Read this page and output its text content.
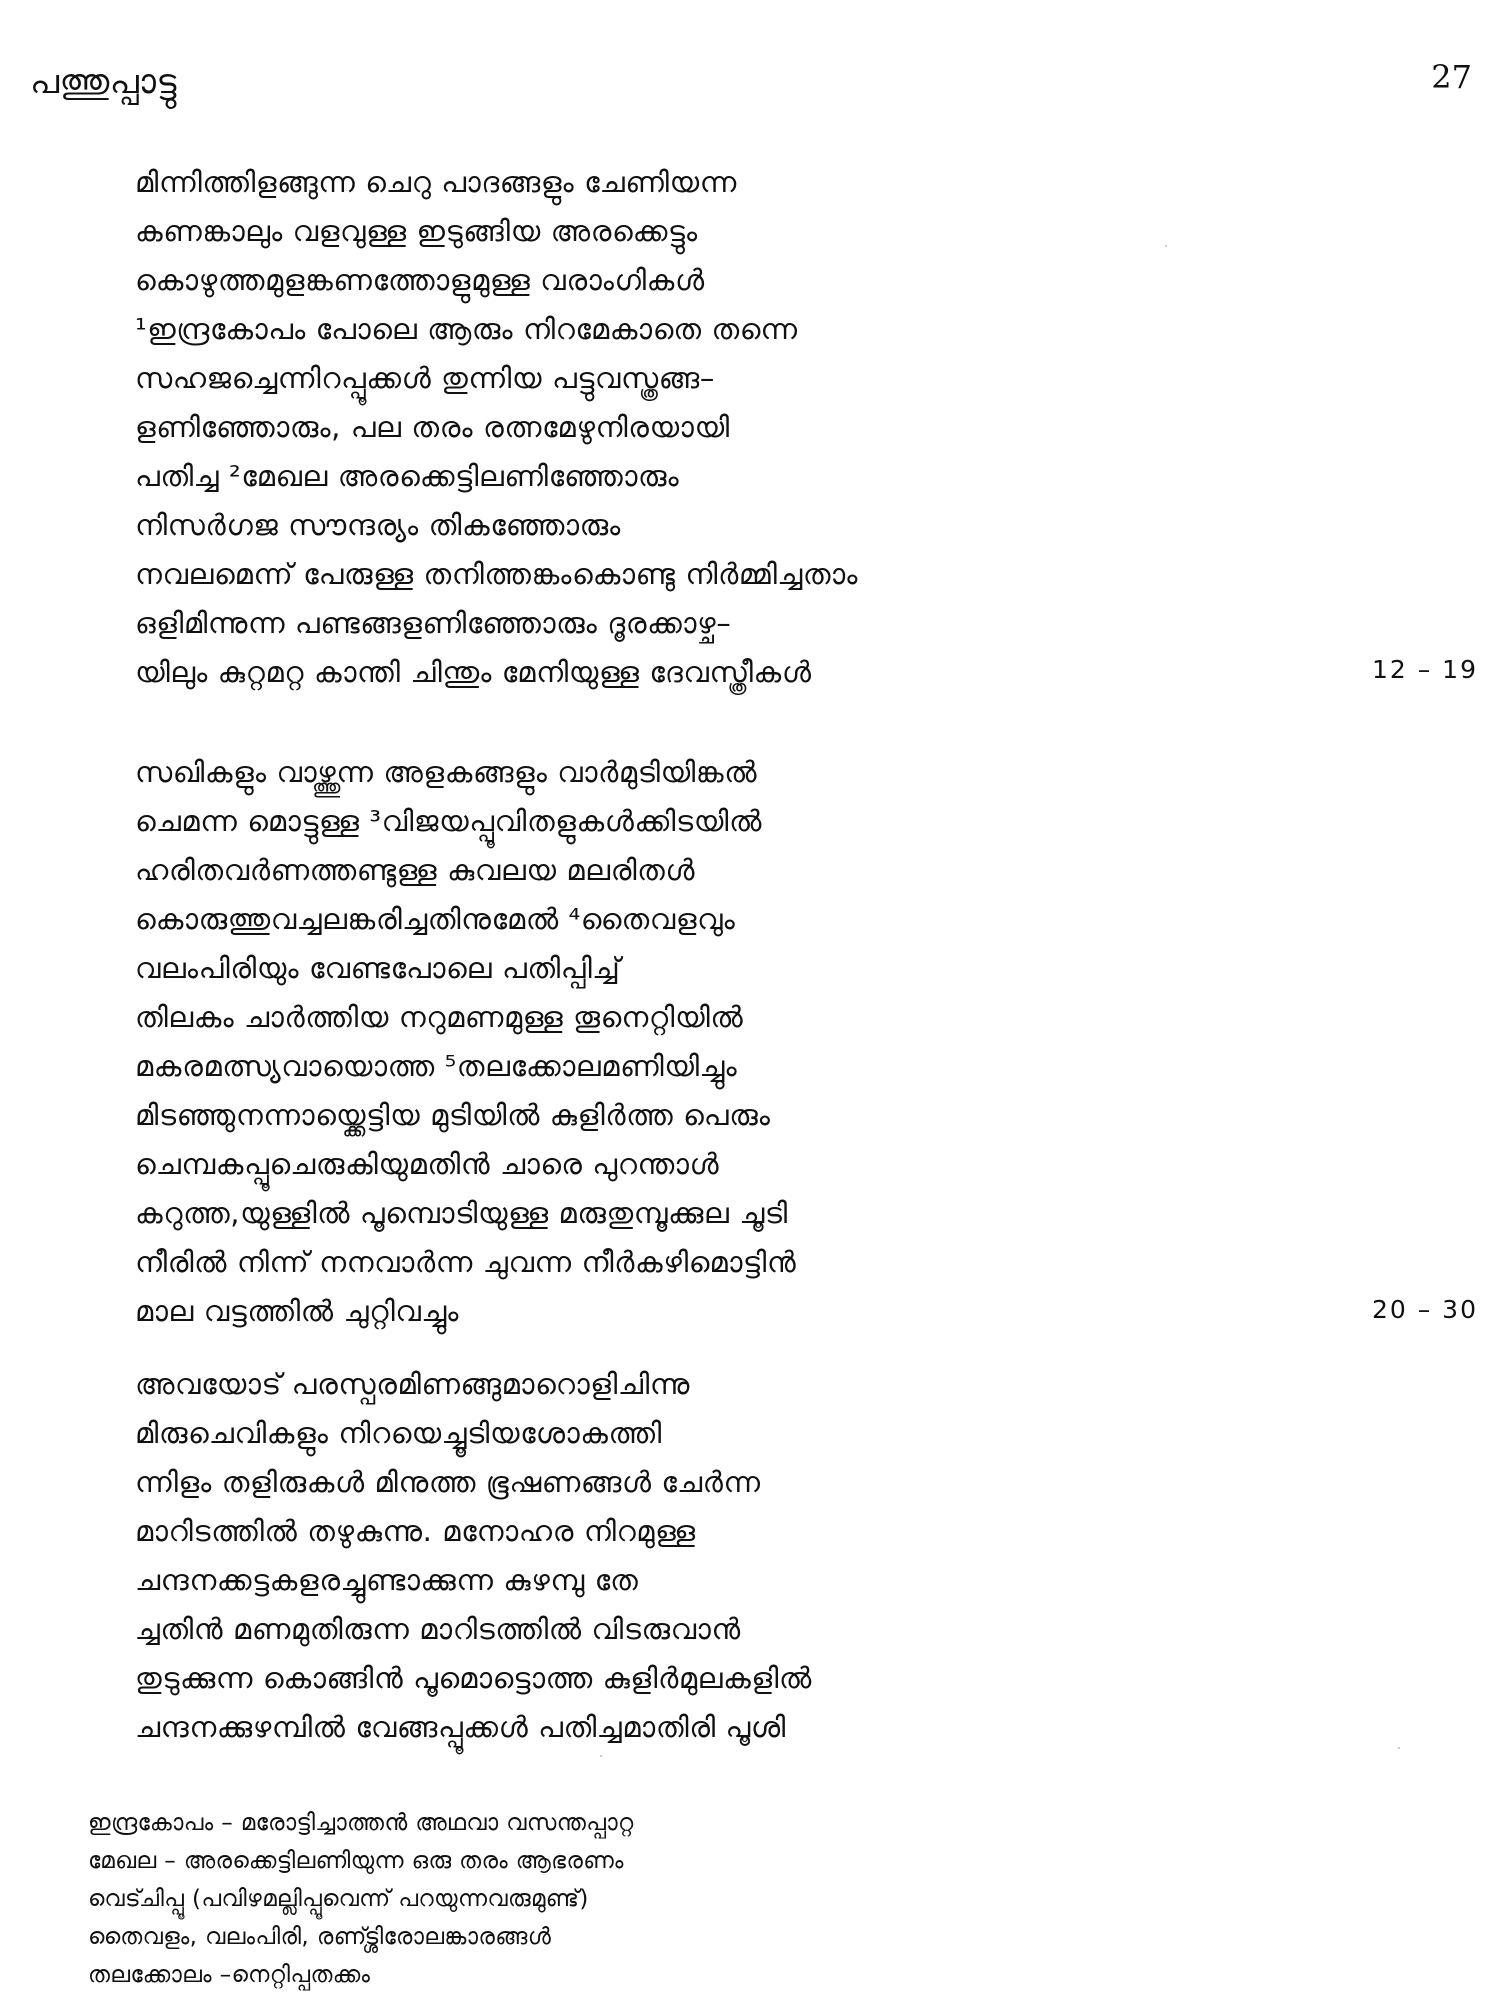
പത്തുപ്പാട്ടു	27
മിന്നിത്തിളങ്ങുന്ന ചെറു പാദങ്ങളും ചേണിയന്ന
കണങ്കാലും വളവുള്ള ഇടുങ്ങിയ അരക്കെട്ടും
കൊഴുത്തമുളങ്കണത്തോളുമുള്ള വരാംഗികൾ
¹ഇന്ദ്രകോപം പോലെ ആരും നിറമേകാതെ തന്നെ
സഹജച്ചെന്നിറപ്പൂക്കൾ തുന്നിയ പട്ടുവസ്ത്രങ്ങ–
ളണിഞ്ഞോരും, പല തരം രത്നമേഴുനിരയായി
പതിച്ച ²മേഖല അരക്കെട്ടിലണിഞ്ഞോരും
നിസർഗജ സൗന്ദര്യം തികഞ്ഞോരും
നവലമെന്ന് പേരുള്ള തനിത്തങ്കംകൊണ്ടു നിർമ്മിച്ചതാം
ഒളിമിന്നുന്ന പണ്ടങ്ങളണിഞ്ഞോരും ദൂരക്കാഴ്ച–
യിലും കുറ്റമറ്റ കാന്തി ചിന്തും മേനിയുള്ള ദേവസ്ത്രീകൾ	12 – 19
സഖികളും വാഴ്ത്തുന്ന അളകങ്ങളും വാർമുടിയിങ്കൽ
ചെമന്ന മൊട്ടുള്ള ³വിജയപ്പൂവിതളുകൾക്കിടയിൽ
ഹരിതവർണത്തണ്ടുള്ള കുവലയ മലരിതൾ
കൊരുത്തുവച്ചലങ്കരിച്ചതിനുമേൽ ⁴തൈവളവും
വലംപിരിയും വേണ്ടപോലെ പതിപ്പിച്ച്
തിലകം ചാർത്തിയ നറുമണമുള്ള തൂനെറ്റിയിൽ
മകരമത്സ്യവായൊത്ത ⁵തലക്കോലമണിയിച്ചും
മിടഞ്ഞുനന്നായ്ക്കെട്ടിയ മുടിയിൽ കുളിർത്ത പെരും
ചെമ്പകപ്പൂചെരുകിയുമതിൻ ചാരെ പുറന്താൾ
കറുത്ത,യുള്ളിൽ പൂമ്പൊടിയുള്ള മരുതുമ്പൂക്കുല ചൂടി
നീരിൽ നിന്ന് നനവാർന്ന ചുവന്ന നീർകഴിമൊട്ടിൻ
മാല വട്ടത്തിൽ ചുറ്റിവച്ചും	20 – 30
അവയോട് പരസ്പരമിണങ്ങുമാറൊളിചിന്നു
മിരുചെവികളും നിറയെച്ചൂടിയശോകത്തി
ന്നിളം തളിരുകൾ മിനുത്ത ഭൂഷണങ്ങൾ ചേർന്ന
മാറിടത്തിൽ തഴുകുന്നു. മനോഹര നിറമുള്ള
ചന്ദനക്കട്ടകളരച്ചുണ്ടാക്കുന്ന കുഴമ്പു തേ
ച്ചതിൻ മണമുതിരുന്ന മാറിടത്തിൽ വിടരുവാൻ
തുടുക്കുന്ന കൊങ്ങിൻ പൂമൊട്ടൊത്ത കുളിർമുലകളിൽ
ചന്ദനക്കുഴമ്പിൽ വേങ്ങപ്പൂക്കൾ പതിച്ചമാതിരി പൂശി
ഇന്ദ്രകോപം – മരോട്ടിച്ചാത്തൻ അഥവാ വസന്തപ്പാറ്റ
മേഖല – അരക്കെട്ടിലണിയുന്ന ഒരു തരം ആഭരണം
വെട്ചിപ്പൂ (പവിഴമല്ലിപ്പൂവെന്ന് പറയുന്നവരുമുണ്ട്)
തൈവളം, വലംപിരി, രണ്ട്ശിരോലങ്കാരങ്ങൾ
തലക്കോലം –നെറ്റിപ്പതക്കം
